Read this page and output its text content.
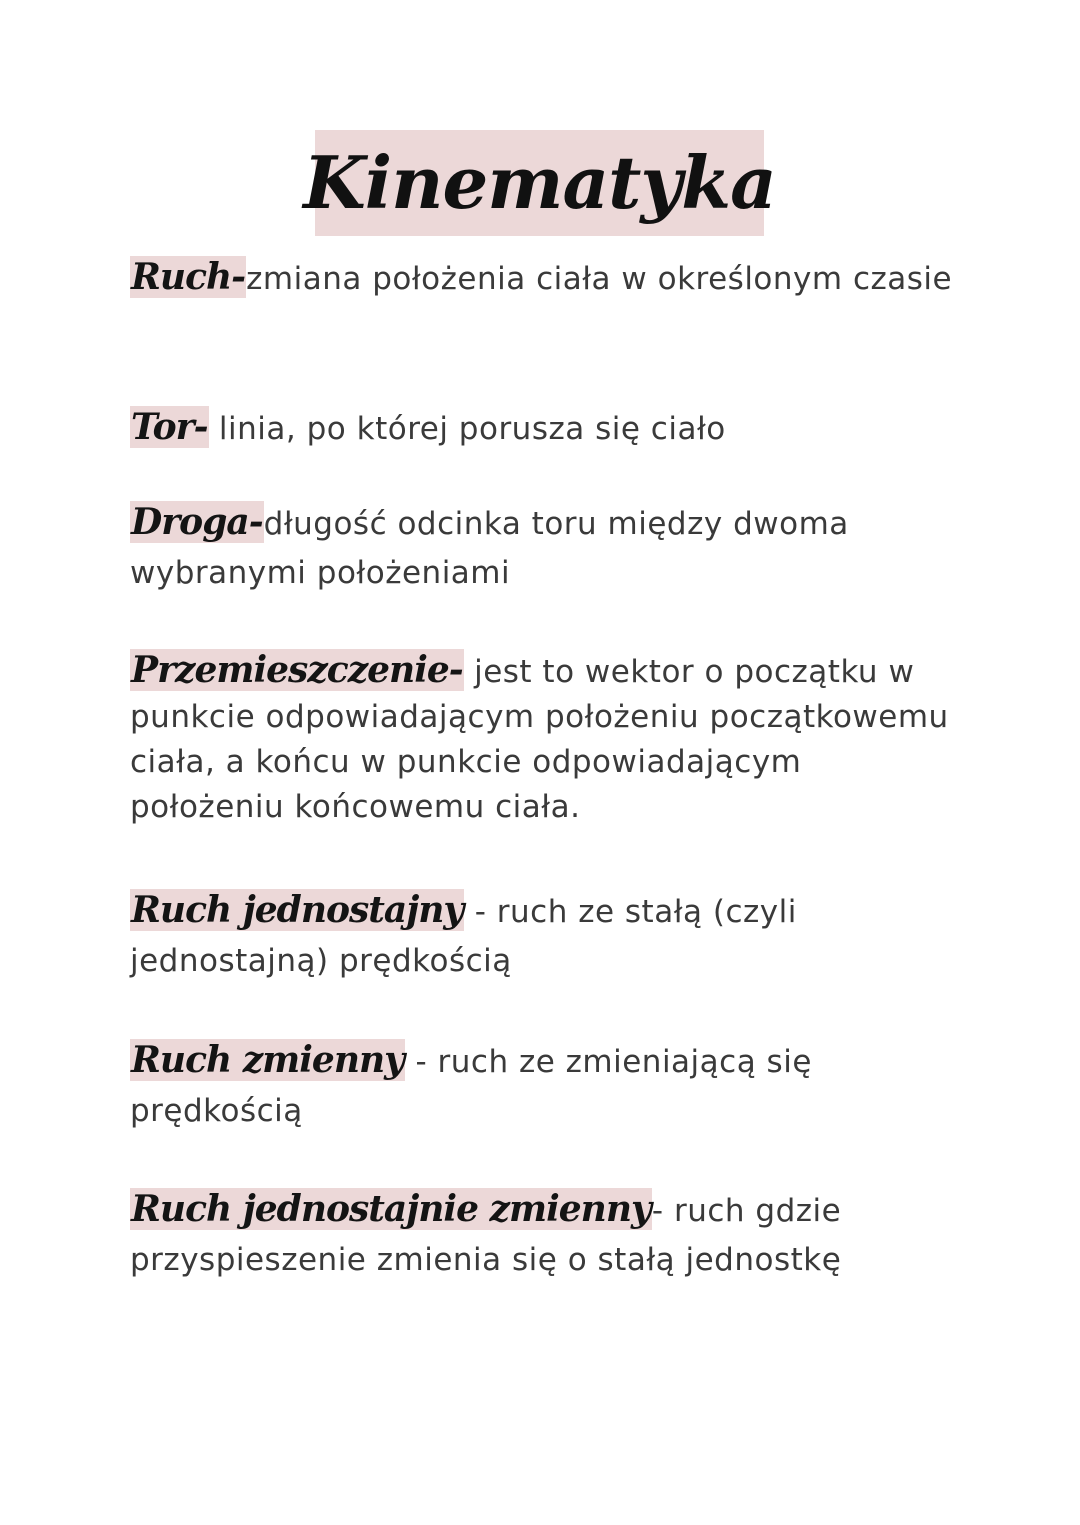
Kinematyka
Ruch-zmiana położenia ciała w określonym czasie
Tor- linia, po której porusza się ciało
Droga-długość odcinka toru między dwoma wybranymi położeniami
Przemieszczenie- jest to wektor o początku w punkcie odpowiadającym położeniu początkowemu ciała, a końcu w punkcie odpowiadającym położeniu końcowemu ciała.
Ruch jednostajny - ruch ze stałą (czyli jednostajną) prędkością
Ruch zmienny - ruch ze zmieniającą się prędkością
Ruch jednostajnie zmienny- ruch gdzie przyspieszenie zmienia się o stałą jednostkę
